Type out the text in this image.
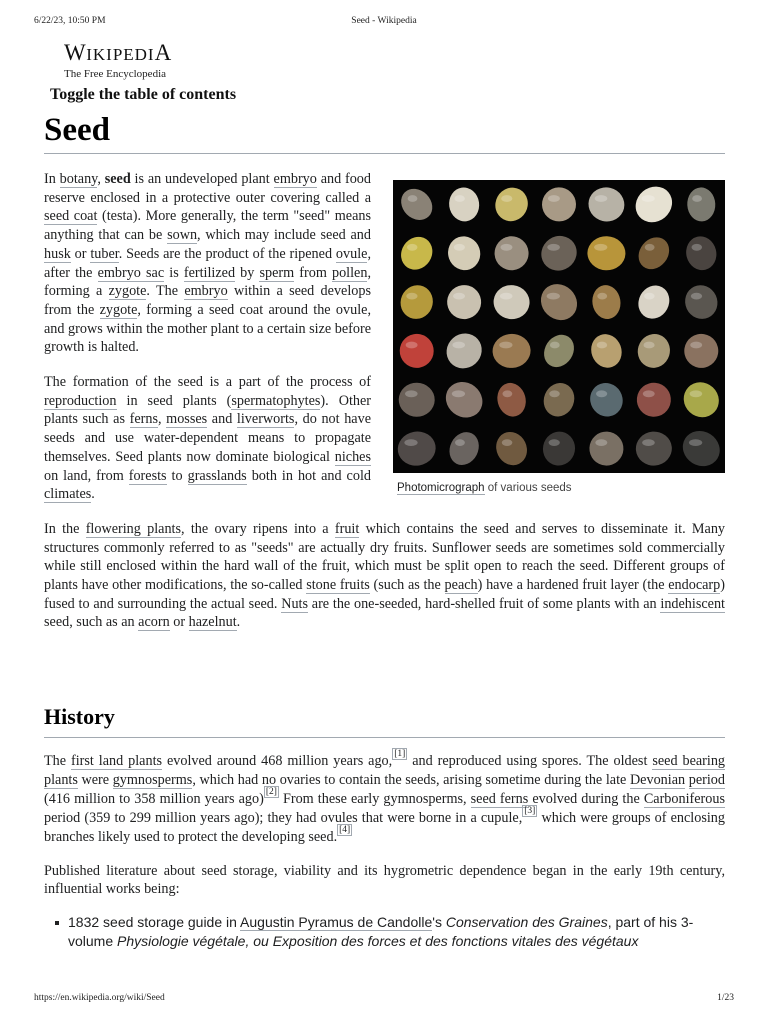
6/22/23, 10:50 PM	Seed - Wikipedia
WIKIPEDIA
The Free Encyclopedia
Toggle the table of contents
Seed
Photomicrograph of various seeds

In botany, seed is an undeveloped plant embryo and food reserve enclosed in a protective outer covering called a seed coat (testa). More generally, the term "seed" means anything that can be sown, which may include seed and husk or tuber. Seeds are the product of the ripened ovule, after the embryo sac is fertilized by sperm from pollen, forming a zygote. The embryo within a seed develops from the zygote, forming a seed coat around the ovule, and grows within the mother plant to a certain size before growth is halted.

The formation of the seed is a part of the process of reproduction in seed plants (spermatophytes). Other plants such as ferns, mosses and liverworts, do not have seeds and use water-dependent means to propagate themselves. Seed plants now dominate biological niches on land, from forests to grasslands both in hot and cold climates.

In the flowering plants, the ovary ripens into a fruit which contains the seed and serves to disseminate it. Many structures commonly referred to as "seeds" are actually dry fruits. Sunflower seeds are sometimes sold commercially while still enclosed within the hard wall of the fruit, which must be split open to reach the seed. Different groups of plants have other modifications, the so-called stone fruits (such as the peach) have a hardened fruit layer (the endocarp) fused to and surrounding the actual seed. Nuts are the one-seeded, hard-shelled fruit of some plants with an indehiscent seed, such as an acorn or hazelnut.

History

The first land plants evolved around 468 million years ago, [1] and reproduced using spores. The oldest seed bearing plants were gymnosperms, which had no ovaries to contain the seeds, arising sometime during the late Devonian period (416 million to 358 million years ago) [2] From these early gymnosperms, seed ferns evolved during the Carboniferous period (359 to 299 million years ago); they had ovules that were borne in a cupule, [3] which were groups of enclosing branches likely used to protect the developing seed. [4]

Published literature about seed storage, viability and its hygrometric dependence began in the early 19th century, influential works being:

1832 seed storage guide in Augustin Pyramus de Candolle's Conservation des Graines, part of his 3-volume Physiologie végétale, ou Exposition des forces et des fonctions vitales des végétaux
https://en.wikipedia.org/wiki/Seed	1/23
